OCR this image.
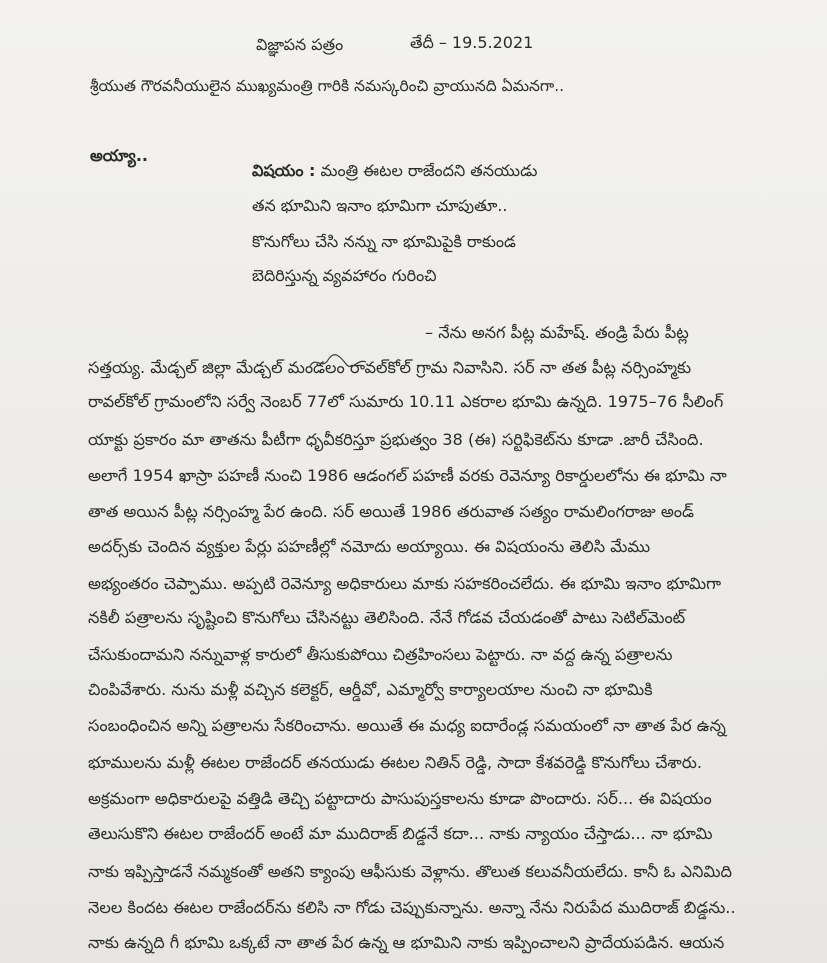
విజ్ఞాపన పత్రం	తేదీ – 19.5.2021
శ్రీయుత గౌరవనీయులైన ముఖ్యమంత్రి గారికి నమస్కరించి వ్రాయునది ఏమనగా..
అయ్యా..
విషయం : మంత్రి ఈటల రాజేందని తనయుడు
తన భూమిని ఇనాం భూమిగా చూపుతూ..
కొనుగోలు చేసి నన్ను నా భూమిపైకి రాకుండ
బెదిరిస్తున్న వ్యవహారం గురించి
– నేను అనగ పీట్ల మహేష్. తండ్రి పేరు పీట్ల
సత్తయ్య. మేడ్చల్ జిల్లా మేడ్చల్ మండలం రావల్‌కోల్ గ్రామ నివాసిని. సర్ నా తత పీట్ల నర్సింహ్మకు
రావల్‌కోల్ గ్రామంలోని సర్వే నెంబర్ 77లో సుమారు 10.11 ఎకరాల భూమి ఉన్నది. 1975–76 సీలింగ్
యాక్టు ప్రకారం మా తాతను పీటీగా ధృవీకరిస్తూ ప్రభుత్వం 38 (ఈ) సర్టిఫికెట్‌ను కూడా .జారీ చేసింది.
అలాగే 1954 ఖాస్రా పహణీ నుంచి 1986 ఆడంగల్ పహణీ వరకు రెవెన్యూ రికార్డులలోను ఈ భూమి నా
తాత అయిన పీట్ల నర్సింహ్మ పేర ఉంది. సర్ అయితే 1986 తరువాత సత్యం రామలింగరాజు అండ్
అదర్స్‌కు చెందిన వ్యక్తుల పేర్లు పహణీల్లో నమోదు అయ్యాయి. ఈ విషయంను తెలిసి మేము
అభ్యంతరం చెప్పాము. అప్పటి రెవెన్యూ అధికారులు మాకు సహకరించలేదు. ఈ భూమి ఇనాం భూమిగా
నకిలీ పత్రాలను సృష్టించి కొనుగోలు చేసినట్టు తెలిసింది. నేనే గోడవ చేయడంతో పాటు సెటిల్‌మెంట్
చేసుకుందామని నన్నువాళ్ల కారులో తీసుకుపోయి చిత్రహింసలు పెట్టారు. నా వద్ద ఉన్న పత్రాలను
చింపివేశారు. నును మళ్లీ వచ్చిన కలెక్టర్, ఆర్డీవో, ఎమ్మార్వో కార్యాలయాల నుంచి నా భూమికి
సంబంధించిన అన్ని పత్రాలను సేకరించాను. అయితే ఈ మధ్య ఐదారేండ్ల సమయంలో నా తాత పేర ఉన్న
భూములను మళ్లీ ఈటల రాజేందర్ తనయుడు ఈటల నితిన్ రెడ్డి, సాదా కేశవరెడ్డి కొనుగోలు చేశారు.
అక్రమంగా అధికారులపై వత్తిడి తెచ్చి పట్టాదారు పాసుపుస్తకాలను కూడా పొందారు. సర్... ఈ విషయం
తెలుసుకొని ఈటల రాజేందర్ అంటే మా ముదిరాజ్ బిడ్డనే కదా... నాకు న్యాయం చేస్తాడు... నా భూమి
నాకు ఇప్పిస్తాడనే నమ్మకంతో అతని క్యాంపు ఆఫీసుకు వెళ్లాను. తొలుత కలువనీయలేదు. కానీ ఓ ఎనిమిది
నెలల కిందట ఈటల రాజేందర్‌ను కలిసి నా గోడు చెప్పుకున్నాను. అన్నా నేను నిరుపేద ముదిరాజ్ బిడ్డను..
నాకు ఉన్నది గీ భూమి ఒక్కటే నా తాత పేర ఉన్న ఆ భూమిని నాకు ఇప్పించాలని ప్రాదేయపడిన. ఆయన
